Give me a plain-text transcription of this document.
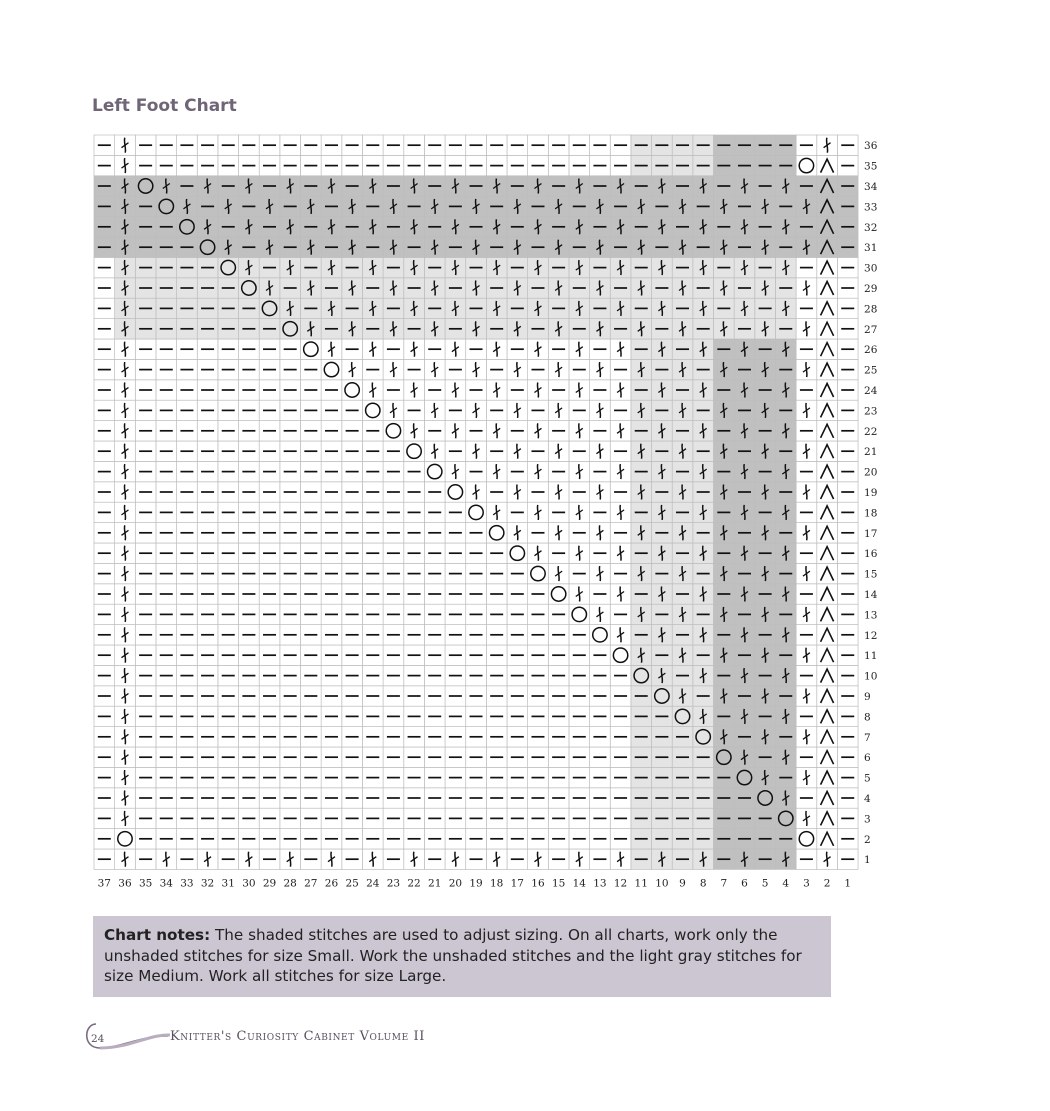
Left Foot Chart
1
2
3
4
5
6
7
8
9
10
11
12
13
14
15
16
17
18
19
20
21
22
23
24
25
26
27
28
29
30
31
32
33
34
35
36
37 36 35 34 33 32 31 30 29 28 27 26 25 24 23 22 21 20 19 18 17 16 15 14 13 12 11 10 9 8 7 6 5 4 3 2 1
Chart notes: The shaded stitches are used to adjust sizing. On all charts, work only the unshaded stitches for size Small. Work the unshaded stitches and the light gray stitches for size Medium. Work all stitches for size Large.
24	Knitter's Curiosity Cabinet Volume II
